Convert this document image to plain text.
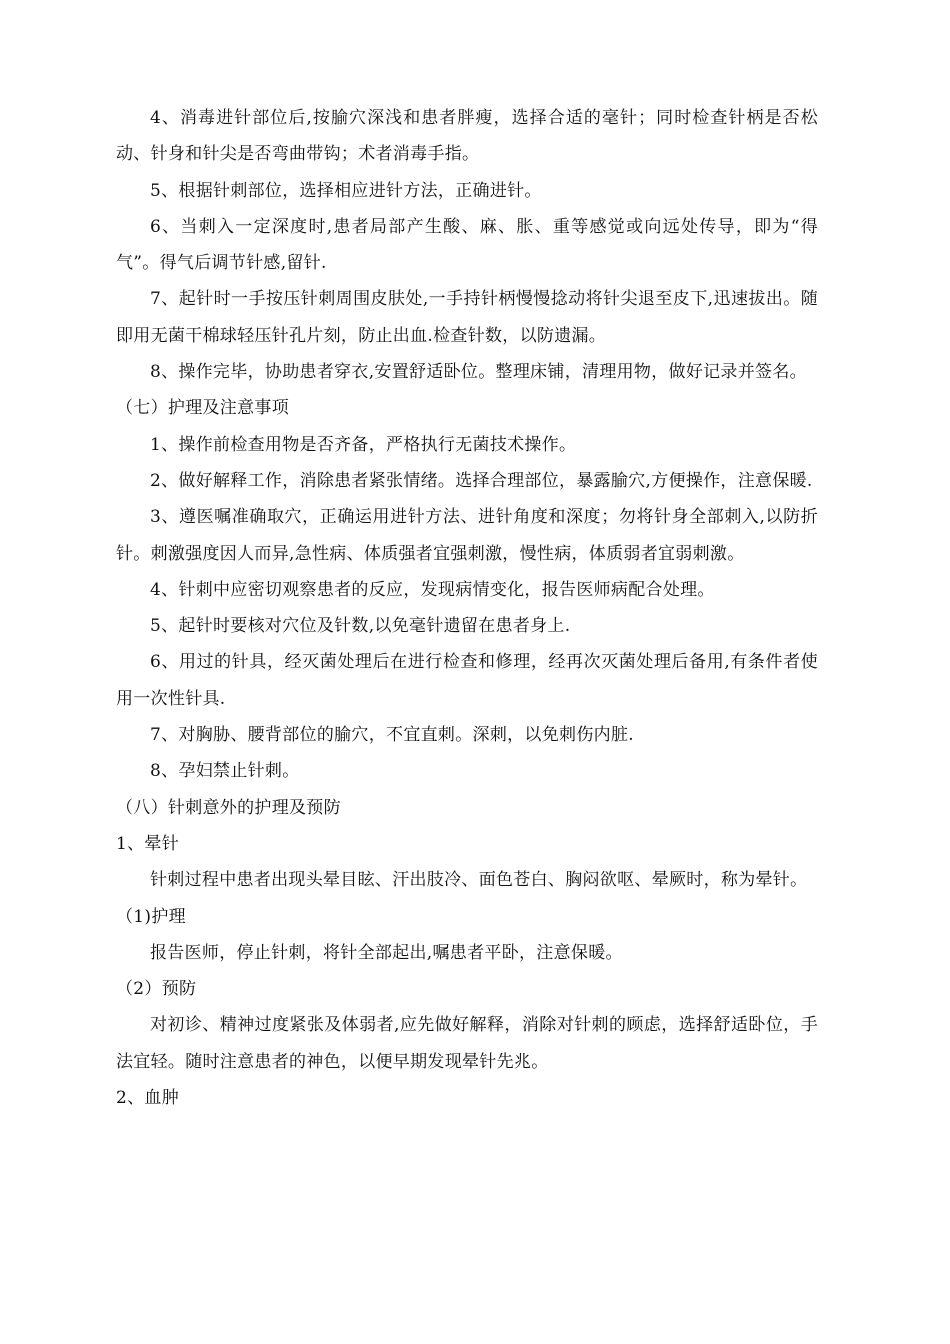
4、消毒进针部位后,按腧穴深浅和患者胖瘦，选择合适的毫针；同时检查针柄是否松动、针身和针尖是否弯曲带钩；术者消毒手指。

5、根据针刺部位，选择相应进针方法，正确进针。

6、当刺入一定深度时,患者局部产生酸、麻、胀、重等感觉或向远处传导，即为“得气”。得气后调节针感,留针.

7、起针时一手按压针刺周围皮肤处,一手持针柄慢慢捻动将针尖退至皮下,迅速拔出。随即用无菌干棉球轻压针孔片刻，防止出血.检查针数，以防遗漏。

8、操作完毕，协助患者穿衣,安置舒适卧位。整理床铺，清理用物，做好记录并签名。

（七）护理及注意事项

1、操作前检查用物是否齐备，严格执行无菌技术操作。

2、做好解释工作，消除患者紧张情绪。选择合理部位，暴露腧穴,方便操作，注意保暖.

3、遵医嘱准确取穴，正确运用进针方法、进针角度和深度；勿将针身全部刺入,以防折针。刺激强度因人而异,急性病、体质强者宜强刺激，慢性病，体质弱者宜弱刺激。

4、针刺中应密切观察患者的反应，发现病情变化，报告医师病配合处理。

5、起针时要核对穴位及针数,以免毫针遗留在患者身上.

6、用过的针具，经灭菌处理后在进行检查和修理，经再次灭菌处理后备用,有条件者使用一次性针具.

7、对胸胁、腰背部位的腧穴，不宜直刺。深刺，以免刺伤内脏.

8、孕妇禁止针刺。

（八）针刺意外的护理及预防

1、晕针

针刺过程中患者出现头晕目眩、汗出肢冷、面色苍白、胸闷欲呕、晕厥时，称为晕针。

（1)护理

报告医师，停止针刺，将针全部起出,嘱患者平卧，注意保暖。

（2）预防

对初诊、精神过度紧张及体弱者,应先做好解释，消除对针刺的顾虑，选择舒适卧位，手法宜轻。随时注意患者的神色，以便早期发现晕针先兆。

2、血肿
